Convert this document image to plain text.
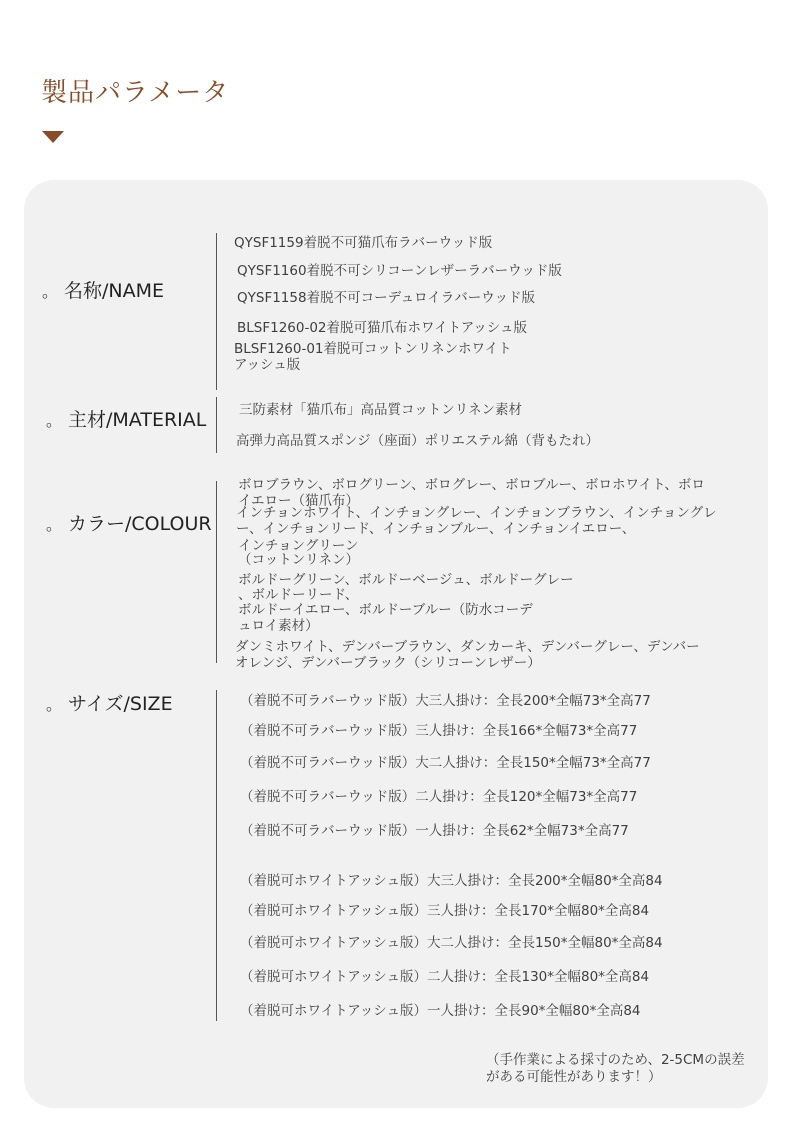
製品パラメータ
。 名称/NAME
QYSF1159着脱不可猫爪布ラバーウッド版
QYSF1160着脱不可シリコーンレザーラバーウッド版
QYSF1158着脱不可コーデュロイラバーウッド版
BLSF1260-02着脱可猫爪布ホワイトアッシュ版
BLSF1260-01着脱可コットンリネンホワイト
アッシュ版
。 主材/MATERIAL 三防素材「猫爪布」高品質コットンリネン素材
高弾力高品質スポンジ（座面）ポリエステル綿（背もたれ）
。 カラー/COLOUR
ボロブラウン、ボログリーン、ボログレー、ボロブルー、ボロホワイト、ボロ
イエロー（猫爪布）
インチョンホワイト、インチョングレー、インチョンブラウン、インチョングレ
ー、インチョンリード、インチョンブルー、インチョンイエロー、
インチョングリーン
（コットンリネン）
ボルドーグリーン、ボルドーベージュ、ボルドーグレー
、ボルドーリード、
ボルドーイエロー、ボルドーブルー（防水コーデ
ュロイ素材）
ダンミホワイト、デンバーブラウン、ダンカーキ、デンバーグレー、デンバー
オレンジ、デンバーブラック（シリコーンレザー）
。 サイズ/SIZE	（着脱不可ラバーウッド版）大三人掛け：全長200*全幅73*全高77
（着脱不可ラバーウッド版）三人掛け：全長166*全幅73*全高77
（着脱不可ラバーウッド版）大二人掛け：全長150*全幅73*全高77
（着脱不可ラバーウッド版）二人掛け：全長120*全幅73*全高77
（着脱不可ラバーウッド版）一人掛け：全長62*全幅73*全高77
（着脱可ホワイトアッシュ版）大三人掛け：全長200*全幅80*全高84
（着脱可ホワイトアッシュ版）三人掛け：全長170*全幅80*全高84
（着脱可ホワイトアッシュ版）大二人掛け：全長150*全幅80*全高84
（着脱可ホワイトアッシュ版）二人掛け：全長130*全幅80*全高84
（着脱可ホワイトアッシュ版）一人掛け：全長90*全幅80*全高84
（手作業による採寸のため、2-5CMの誤差がある可能性があります！）
